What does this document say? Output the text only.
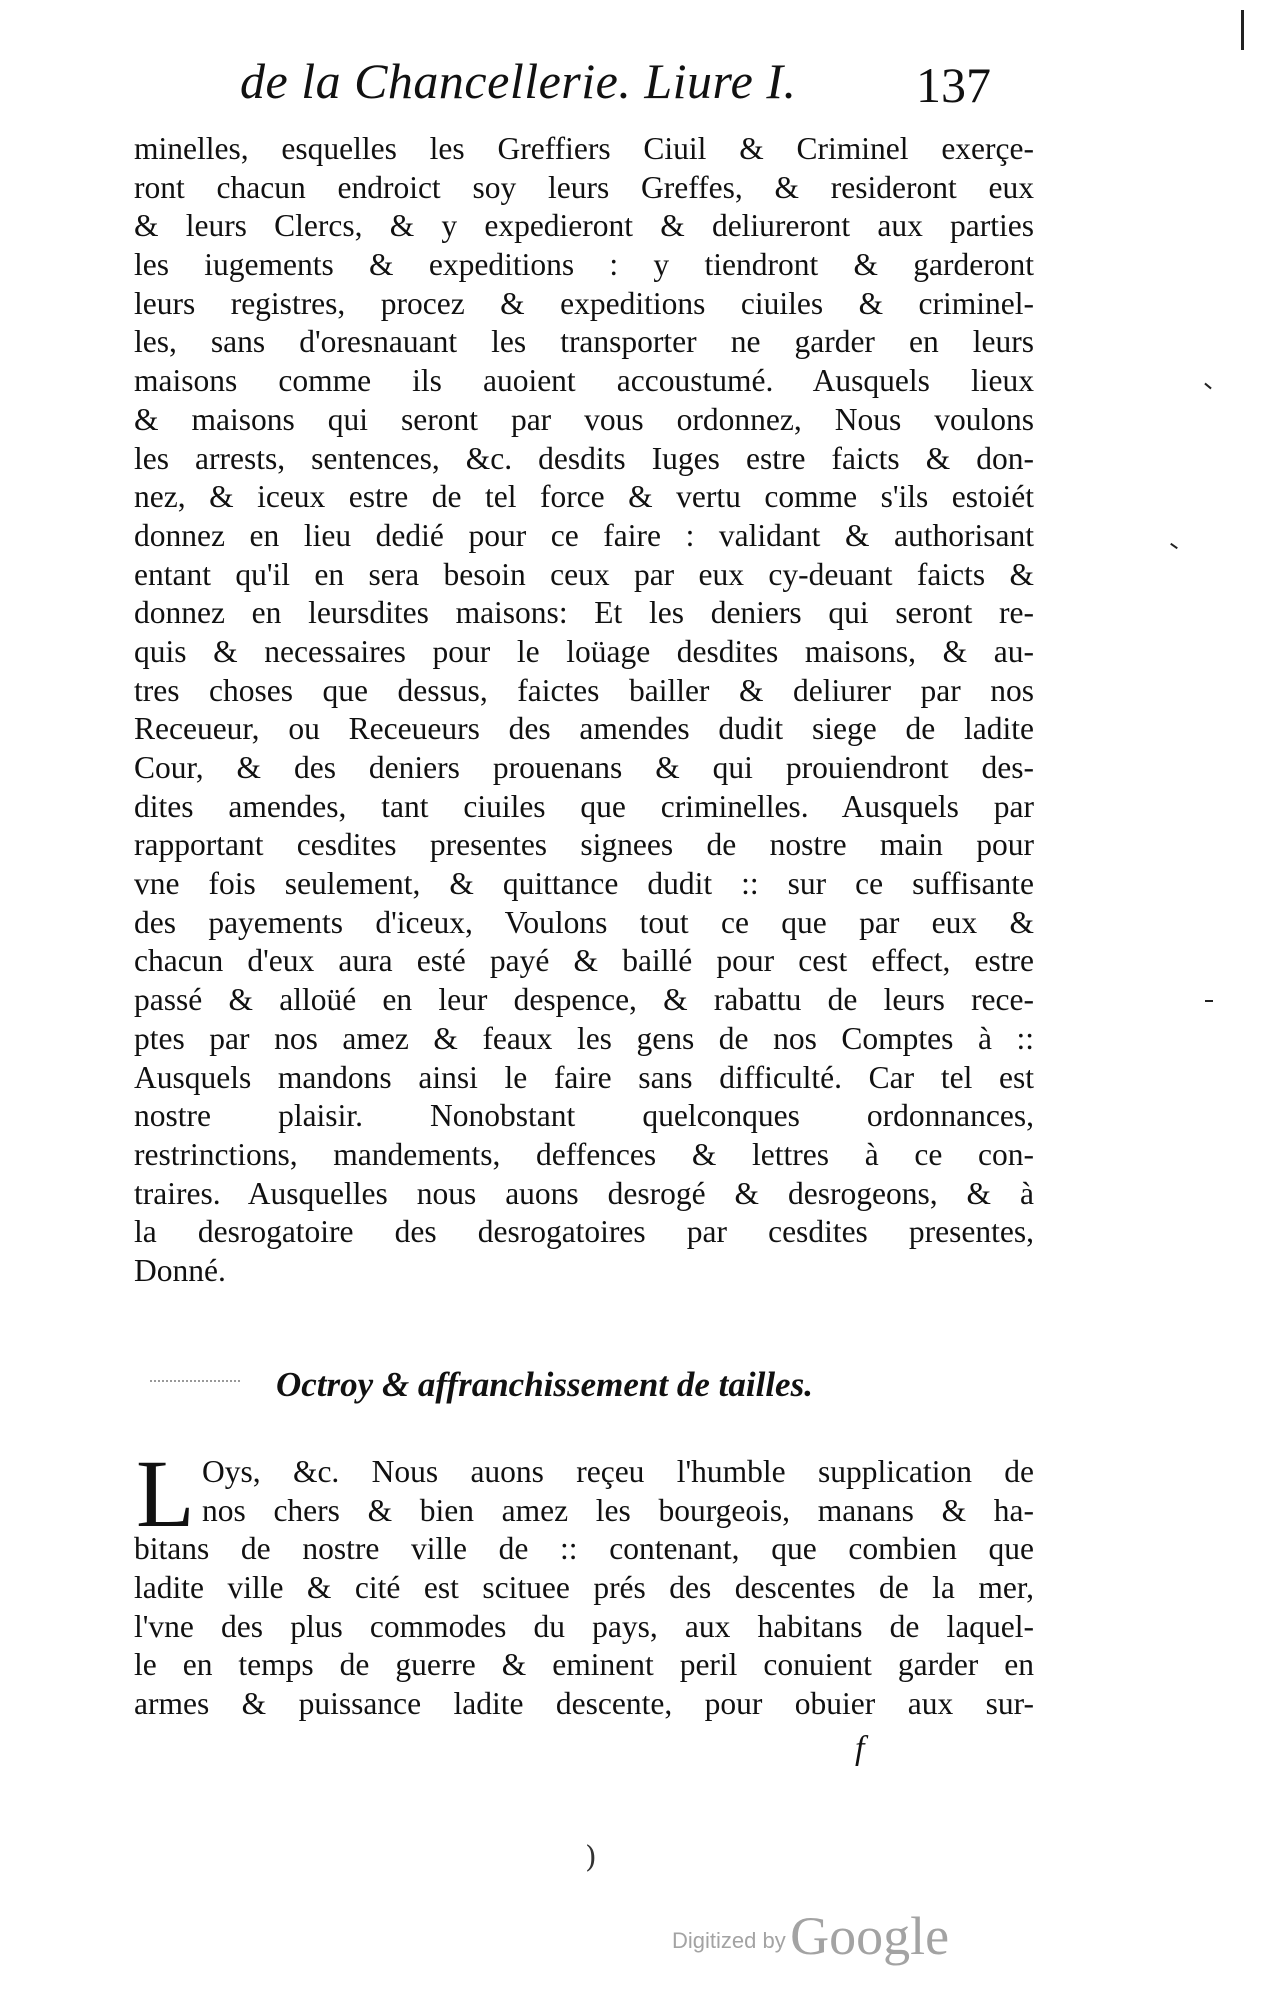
de la Chancellerie. Liure I. 137
minelles, esquelles les Greffiers Ciuil & Criminel exerçe-
ront chacun endroict soy leurs Greffes, & resideront eux
& leurs Clercs, & y expedieront & deliureront aux parties
les iugements & expeditions : y tiendront & garderont
leurs registres, procez & expeditions ciuiles & criminel-
les, sans d'oresnauant les transporter ne garder en leurs
maisons comme ils auoient accoustumé. Ausquels lieux
& maisons qui seront par vous ordonnez, Nous voulons
les arrests, sentences, &c. desdits Iuges estre faicts & don-
nez, & iceux estre de tel force & vertu comme s'ils estoiét
donnez en lieu dedié pour ce faire : validant & authorisant
entant qu'il en sera besoin ceux par eux cy-deuant faicts &
donnez en leursdites maisons: Et les deniers qui seront re-
quis & necessaires pour le loüage desdites maisons, & au-
tres choses que dessus, faictes bailler & deliurer par nos
Receueur, ou Receueurs des amendes dudit siege de ladite
Cour, & des deniers prouenans & qui prouiendront des-
dites amendes, tant ciuiles que criminelles. Ausquels par
rapportant cesdites presentes signees de nostre main pour
vne fois seulement, & quittance dudit :: sur ce suffisante
des payements d'iceux, Voulons tout ce que par eux &
chacun d'eux aura esté payé & baillé pour cest effect, estre
passé & alloüé en leur despence, & rabattu de leurs rece-
ptes par nos amez & feaux les gens de nos Comptes à ::
Ausquels mandons ainsi le faire sans difficulté. Car tel est
nostre plaisir. Nonobstant quelconques ordonnances,
restrinctions, mandements, deffences & lettres à ce con-
traires. Ausquelles nous auons desrogé & desrogeons, & à
la desrogatoire des desrogatoires par cesdites presentes,
Donné.
Octroy & affranchissement de tailles.
L Oys, &c. Nous auons reçeu l'humble supplication de
nos chers & bien amez les bourgeois, manans & ha-
bitans de nostre ville de :: contenant, que combien que
ladite ville & cité est scituee prés des descentes de la mer,
l'vne des plus commodes du pays, aux habitans de laquel-
le en temps de guerre & eminent peril conuient garder en
armes & puissance ladite descente, pour obuier aux sur-
f
)
Digitized by Google
